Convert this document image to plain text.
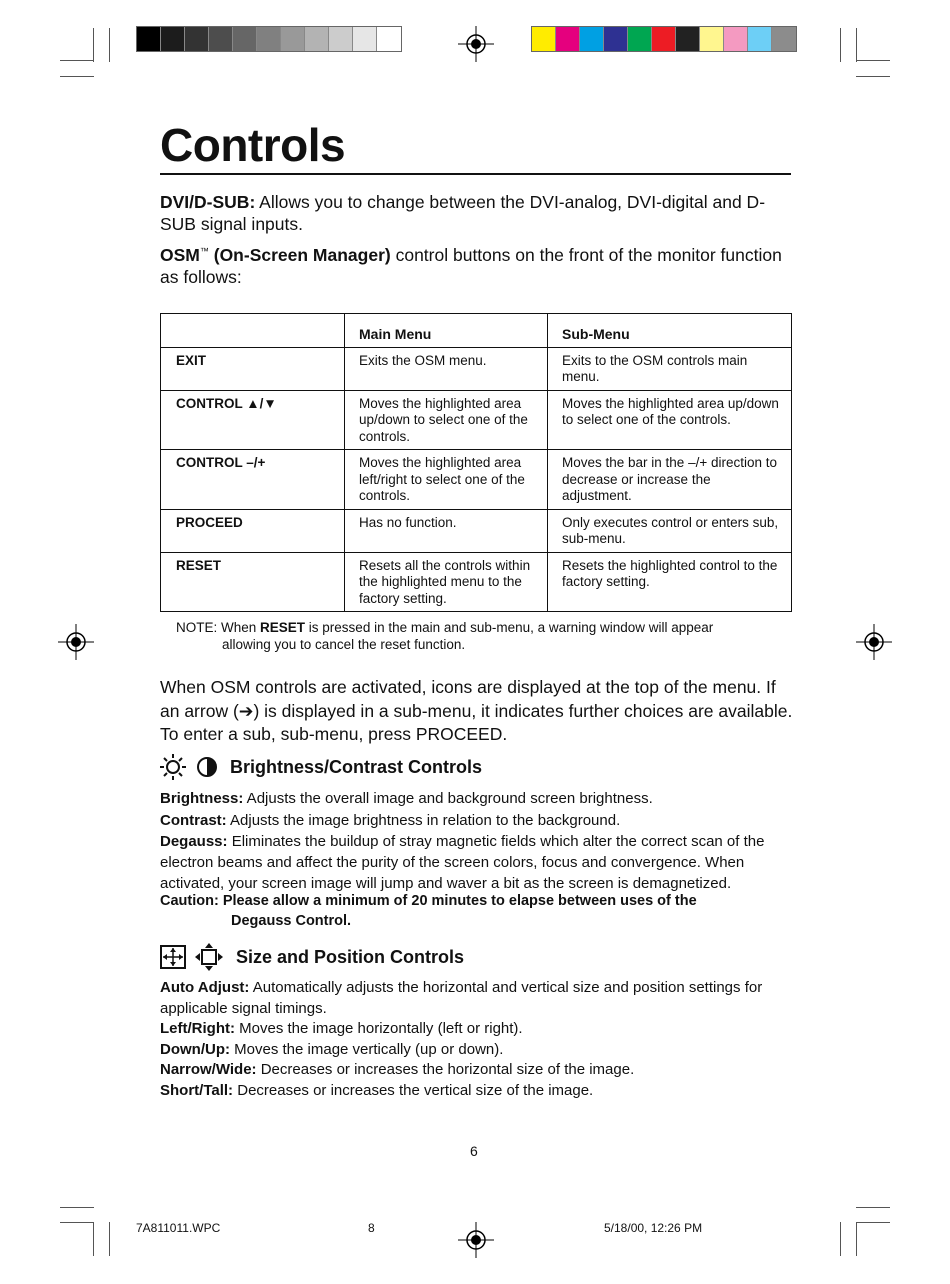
Controls
DVI/D-SUB: Allows you to change between the DVI-analog, DVI-digital and D-SUB signal inputs.
OSM™ (On-Screen Manager) control buttons on the front of the monitor function as follows:
	Main Menu	Sub-Menu
EXIT	Exits the OSM menu.	Exits to the OSM controls main menu.
CONTROL ▲/▼	Moves the highlighted area up/down to select one of the controls.	Moves the highlighted area up/down to select one of the controls.
CONTROL –/+	Moves the highlighted area left/right to select one of the controls.	Moves the bar in the –/+ direction to decrease or increase the adjustment.
PROCEED	Has no function.	Only executes control or enters sub, sub-menu.
RESET	Resets all the controls within the highlighted menu to the factory setting.	Resets the highlighted control to the factory setting.
NOTE: When RESET is pressed in the main and sub-menu, a warning window will appear
allowing you to cancel the reset function.
When OSM controls are activated, icons are displayed at the top of the menu. If an arrow (➔) is displayed in a sub-menu, it indicates further choices are available. To enter a sub, sub-menu, press PROCEED.
Brightness/Contrast Controls
Brightness: Adjusts the overall image and background screen brightness.
Contrast: Adjusts the image brightness in relation to the background.
Degauss: Eliminates the buildup of stray magnetic fields which alter the correct scan of the electron beams and affect the purity of the screen colors, focus and convergence. When activated, your screen image will jump and waver a bit as the screen is demagnetized.
Caution: Please allow a minimum of 20 minutes to elapse between uses of the
Degauss Control.
Size and Position Controls
Auto Adjust: Automatically adjusts the horizontal and vertical size and position settings for applicable signal timings.
Left/Right: Moves the image horizontally (left or right).
Down/Up: Moves the image vertically (up or down).
Narrow/Wide: Decreases or increases the horizontal size of the image.
Short/Tall: Decreases or increases the vertical size of the image.
6
7A811011.WPC	8	5/18/00, 12:26 PM
